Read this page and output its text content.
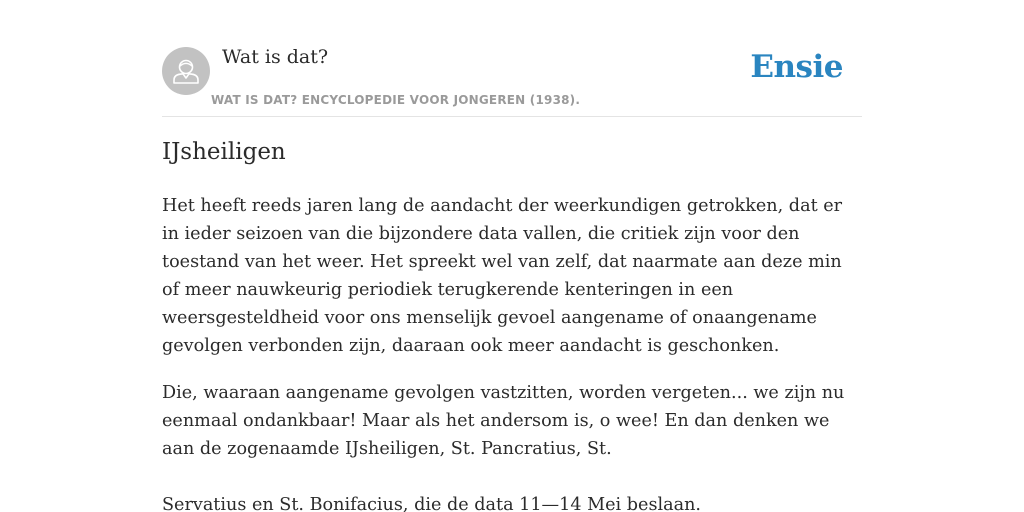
Wat is dat?
WAT IS DAT? ENCYCLOPEDIE VOOR JONGEREN (1938).
Ensie
IJsheiligen

Het heeft reeds jaren lang de aandacht der weerkundigen getrokken, dat er in ieder seizoen van die bijzondere data vallen, die critiek zijn voor den toestand van het weer. Het spreekt wel van zelf, dat naarmate aan deze min of meer nauwkeurig periodiek terugkerende kenteringen in een weersgesteldheid voor ons menselijk gevoel aangename of onaangename gevolgen verbonden zijn, daaraan ook meer aandacht is geschonken.

Die, waaraan aangename gevolgen vastzitten, worden vergeten... we zijn nu eenmaal ondankbaar! Maar als het andersom is, o wee! En dan denken we aan de zogenaamde IJsheiligen, St. Pancratius, St.

Servatius en St. Bonifacius, die de data 11—14 Mei beslaan.
